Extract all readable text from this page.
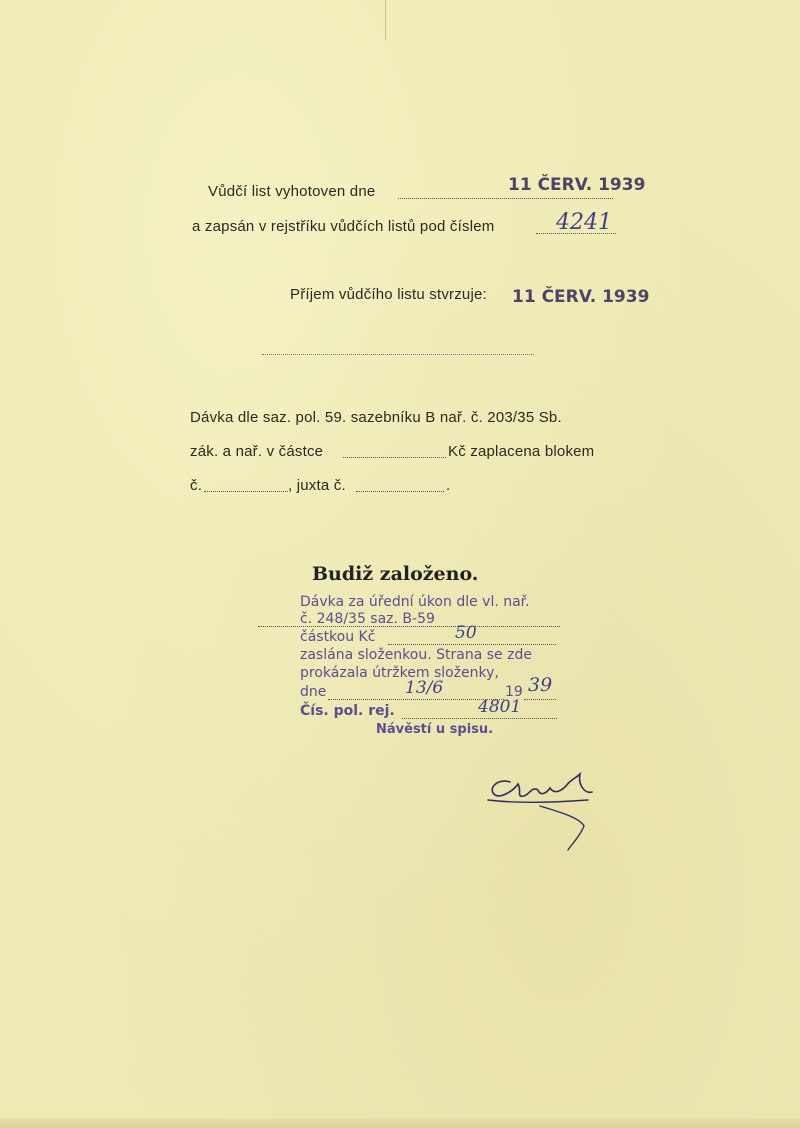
Vůdčí list vyhotoven dne	11 ČERV. 1939
a zapsán v rejstříku vůdčích listů pod číslem	4241
Příjem vůdčího listu stvrzuje: 11 ČERV. 1939
Dávka dle saz. pol. 59. sazebníku B nař. č. 203/35 Sb.
zák. a nař. v částce	Kč zaplacena blokem
č.	, juxta č.	.
Budiž založeno.
Dávka za úřední úkon dle vl. nař.
č. 248/35 saz. B-59
částkou Kč	50
zaslána složenkou. Strana se zde
prokázala útržkem složenky,
dne	13/6	19 39
Čís. pol. rej.	4801
Návěstí u spisu.
